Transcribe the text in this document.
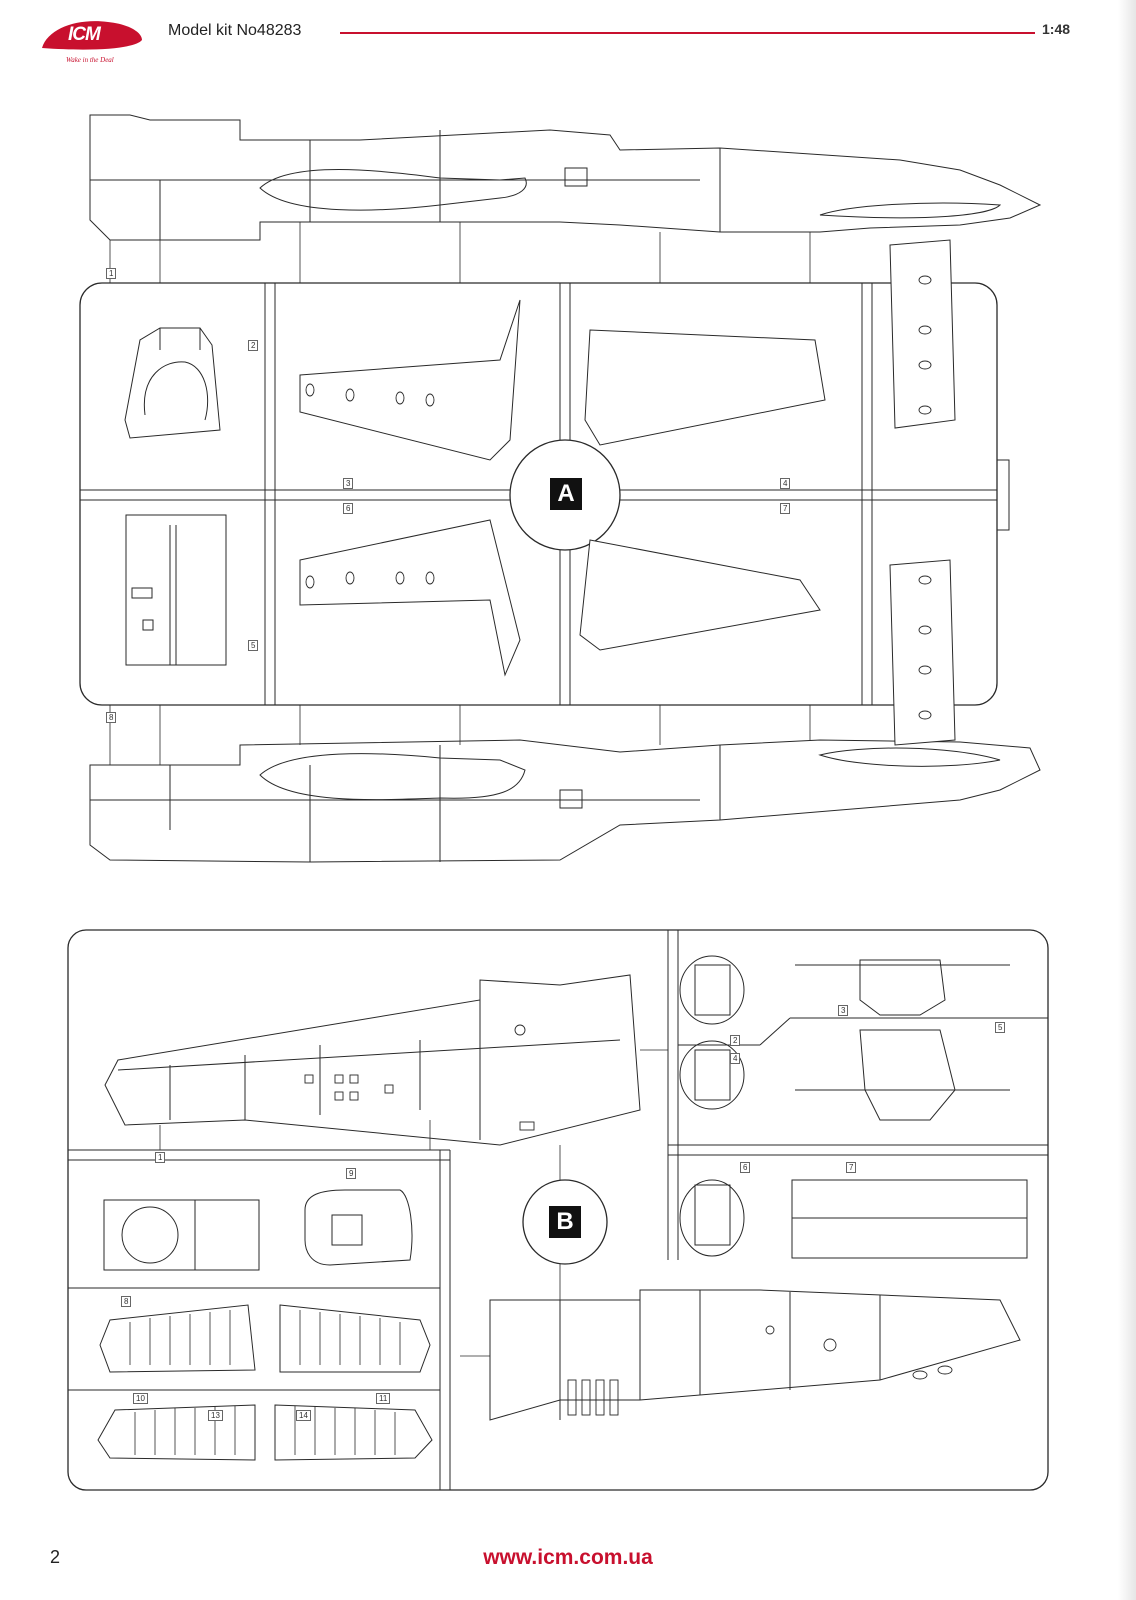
ICM
Wake in the Deal
Model kit No48283	1:48
A
B
1
2
3	4
5
6	7
8
1
2
3
4
5
6	7
8
9
10	11
13	14
2	www.icm.com.ua
